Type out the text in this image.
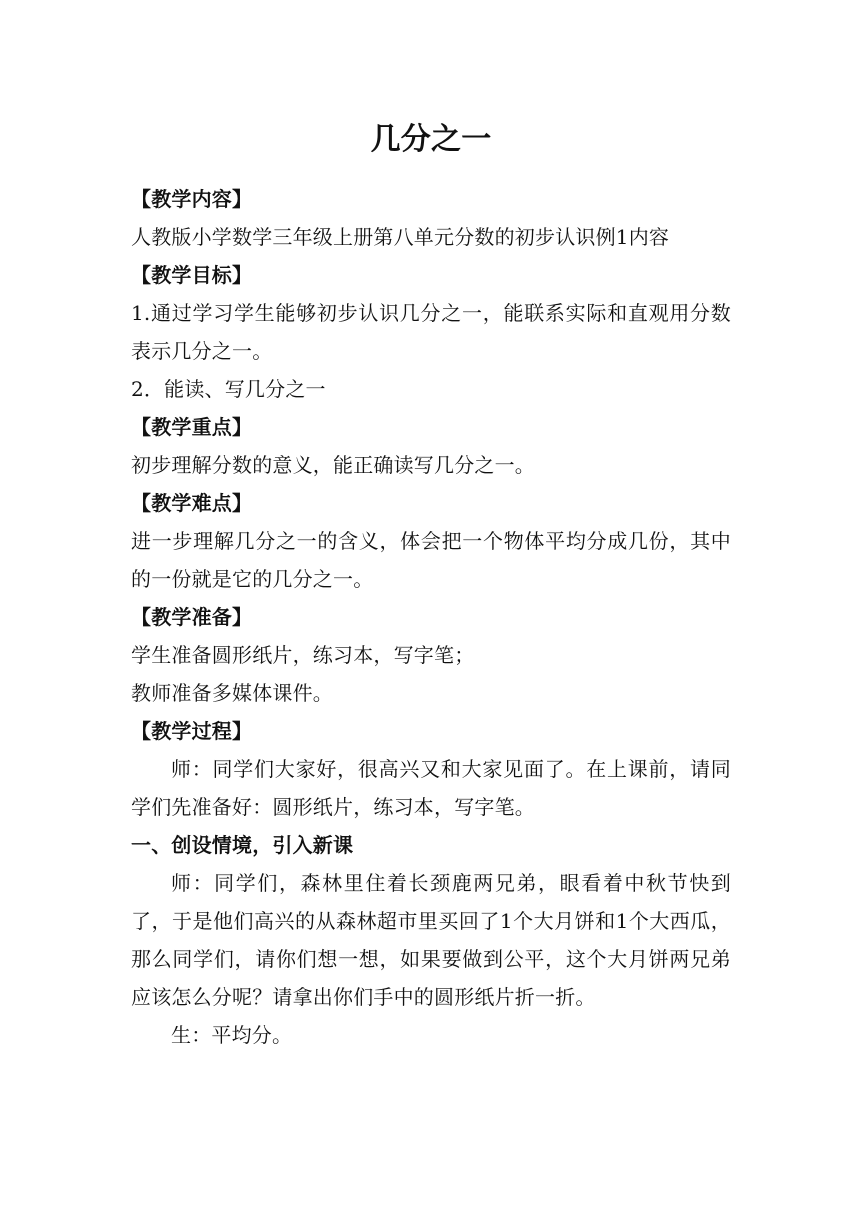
几分之一

【教学内容】

人教版小学数学三年级上册第八单元分数的初步认识例1内容

【教学目标】

1.通过学习学生能够初步认识几分之一，能联系实际和直观用分数表示几分之一。

2．能读、写几分之一

【教学重点】

初步理解分数的意义，能正确读写几分之一。

【教学难点】

进一步理解几分之一的含义，体会把一个物体平均分成几份，其中的一份就是它的几分之一。

【教学准备】

学生准备圆形纸片，练习本，写字笔；

教师准备多媒体课件。

【教学过程】

师：同学们大家好，很高兴又和大家见面了。在上课前，请同学们先准备好：圆形纸片，练习本，写字笔。

一、创设情境，引入新课

师：同学们，森林里住着长颈鹿两兄弟，眼看着中秋节快到了，于是他们高兴的从森林超市里买回了1个大月饼和1个大西瓜，那么同学们，请你们想一想，如果要做到公平，这个大月饼两兄弟应该怎么分呢？请拿出你们手中的圆形纸片折一折。

生：平均分。
